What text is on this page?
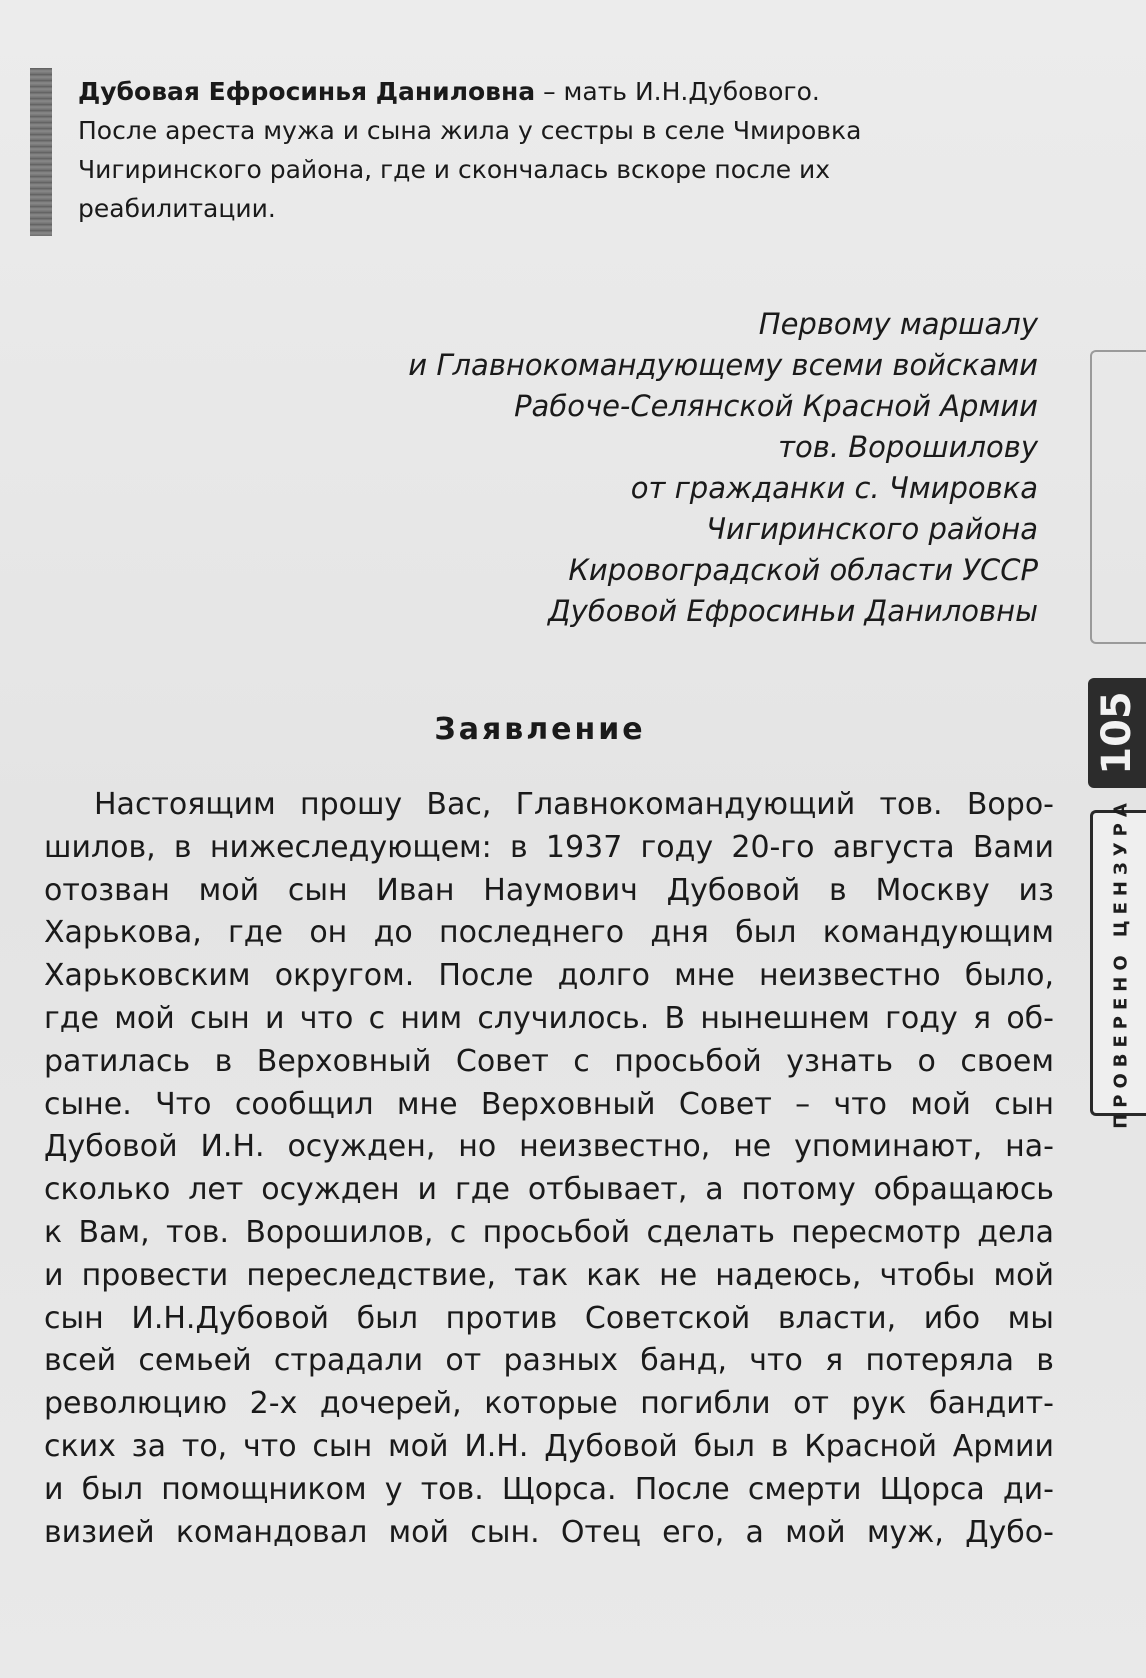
Дубовая Ефросинья Даниловна – мать И.Н.Дубового.
После ареста мужа и сына жила у сестры в селе Чмировка
Чигиринского района, где и скончалась вскоре после их
реабилитации.
Первому маршалу
и Главнокомандующему всеми войсками
Рабоче-Селянской Красной Армии
тов. Ворошилову
от гражданки с. Чмировка
Чигиринского района
Кировоградской области УССР
Дубовой Ефросиньи Даниловны
Заявление
Настоящим прошу Вас, Главнокомандующий тов. Воро-
шилов, в нижеследующем: в 1937 году 20-го августа Вами
отозван мой сын Иван Наумович Дубовой в Москву из
Харькова, где он до последнего дня был командующим
Харьковским округом. После долго мне неизвестно было,
где мой сын и что с ним случилось. В нынешнем году я об-
ратилась в Верховный Совет с просьбой узнать о своем
сыне. Что сообщил мне Верховный Совет – что мой сын
Дубовой И.Н. осужден, но неизвестно, не упоминают, на-
сколько лет осужден и где отбывает, а потому обращаюсь
к Вам, тов. Ворошилов, с просьбой сделать пересмотр дела
и провести переследствие, так как не надеюсь, чтобы мой
сын И.Н.Дубовой был против Советской власти, ибо мы
всей семьей страдали от разных банд, что я потеряла в
революцию 2-х дочерей, которые погибли от рук бандит-
ских за то, что сын мой И.Н. Дубовой был в Красной Армии
и был помощником у тов. Щорса. После смерти Щорса ди-
визией командовал мой сын. Отец его, а мой муж, Дубо-
105
ПРОВЕРЕНО ЦЕНЗУРА
